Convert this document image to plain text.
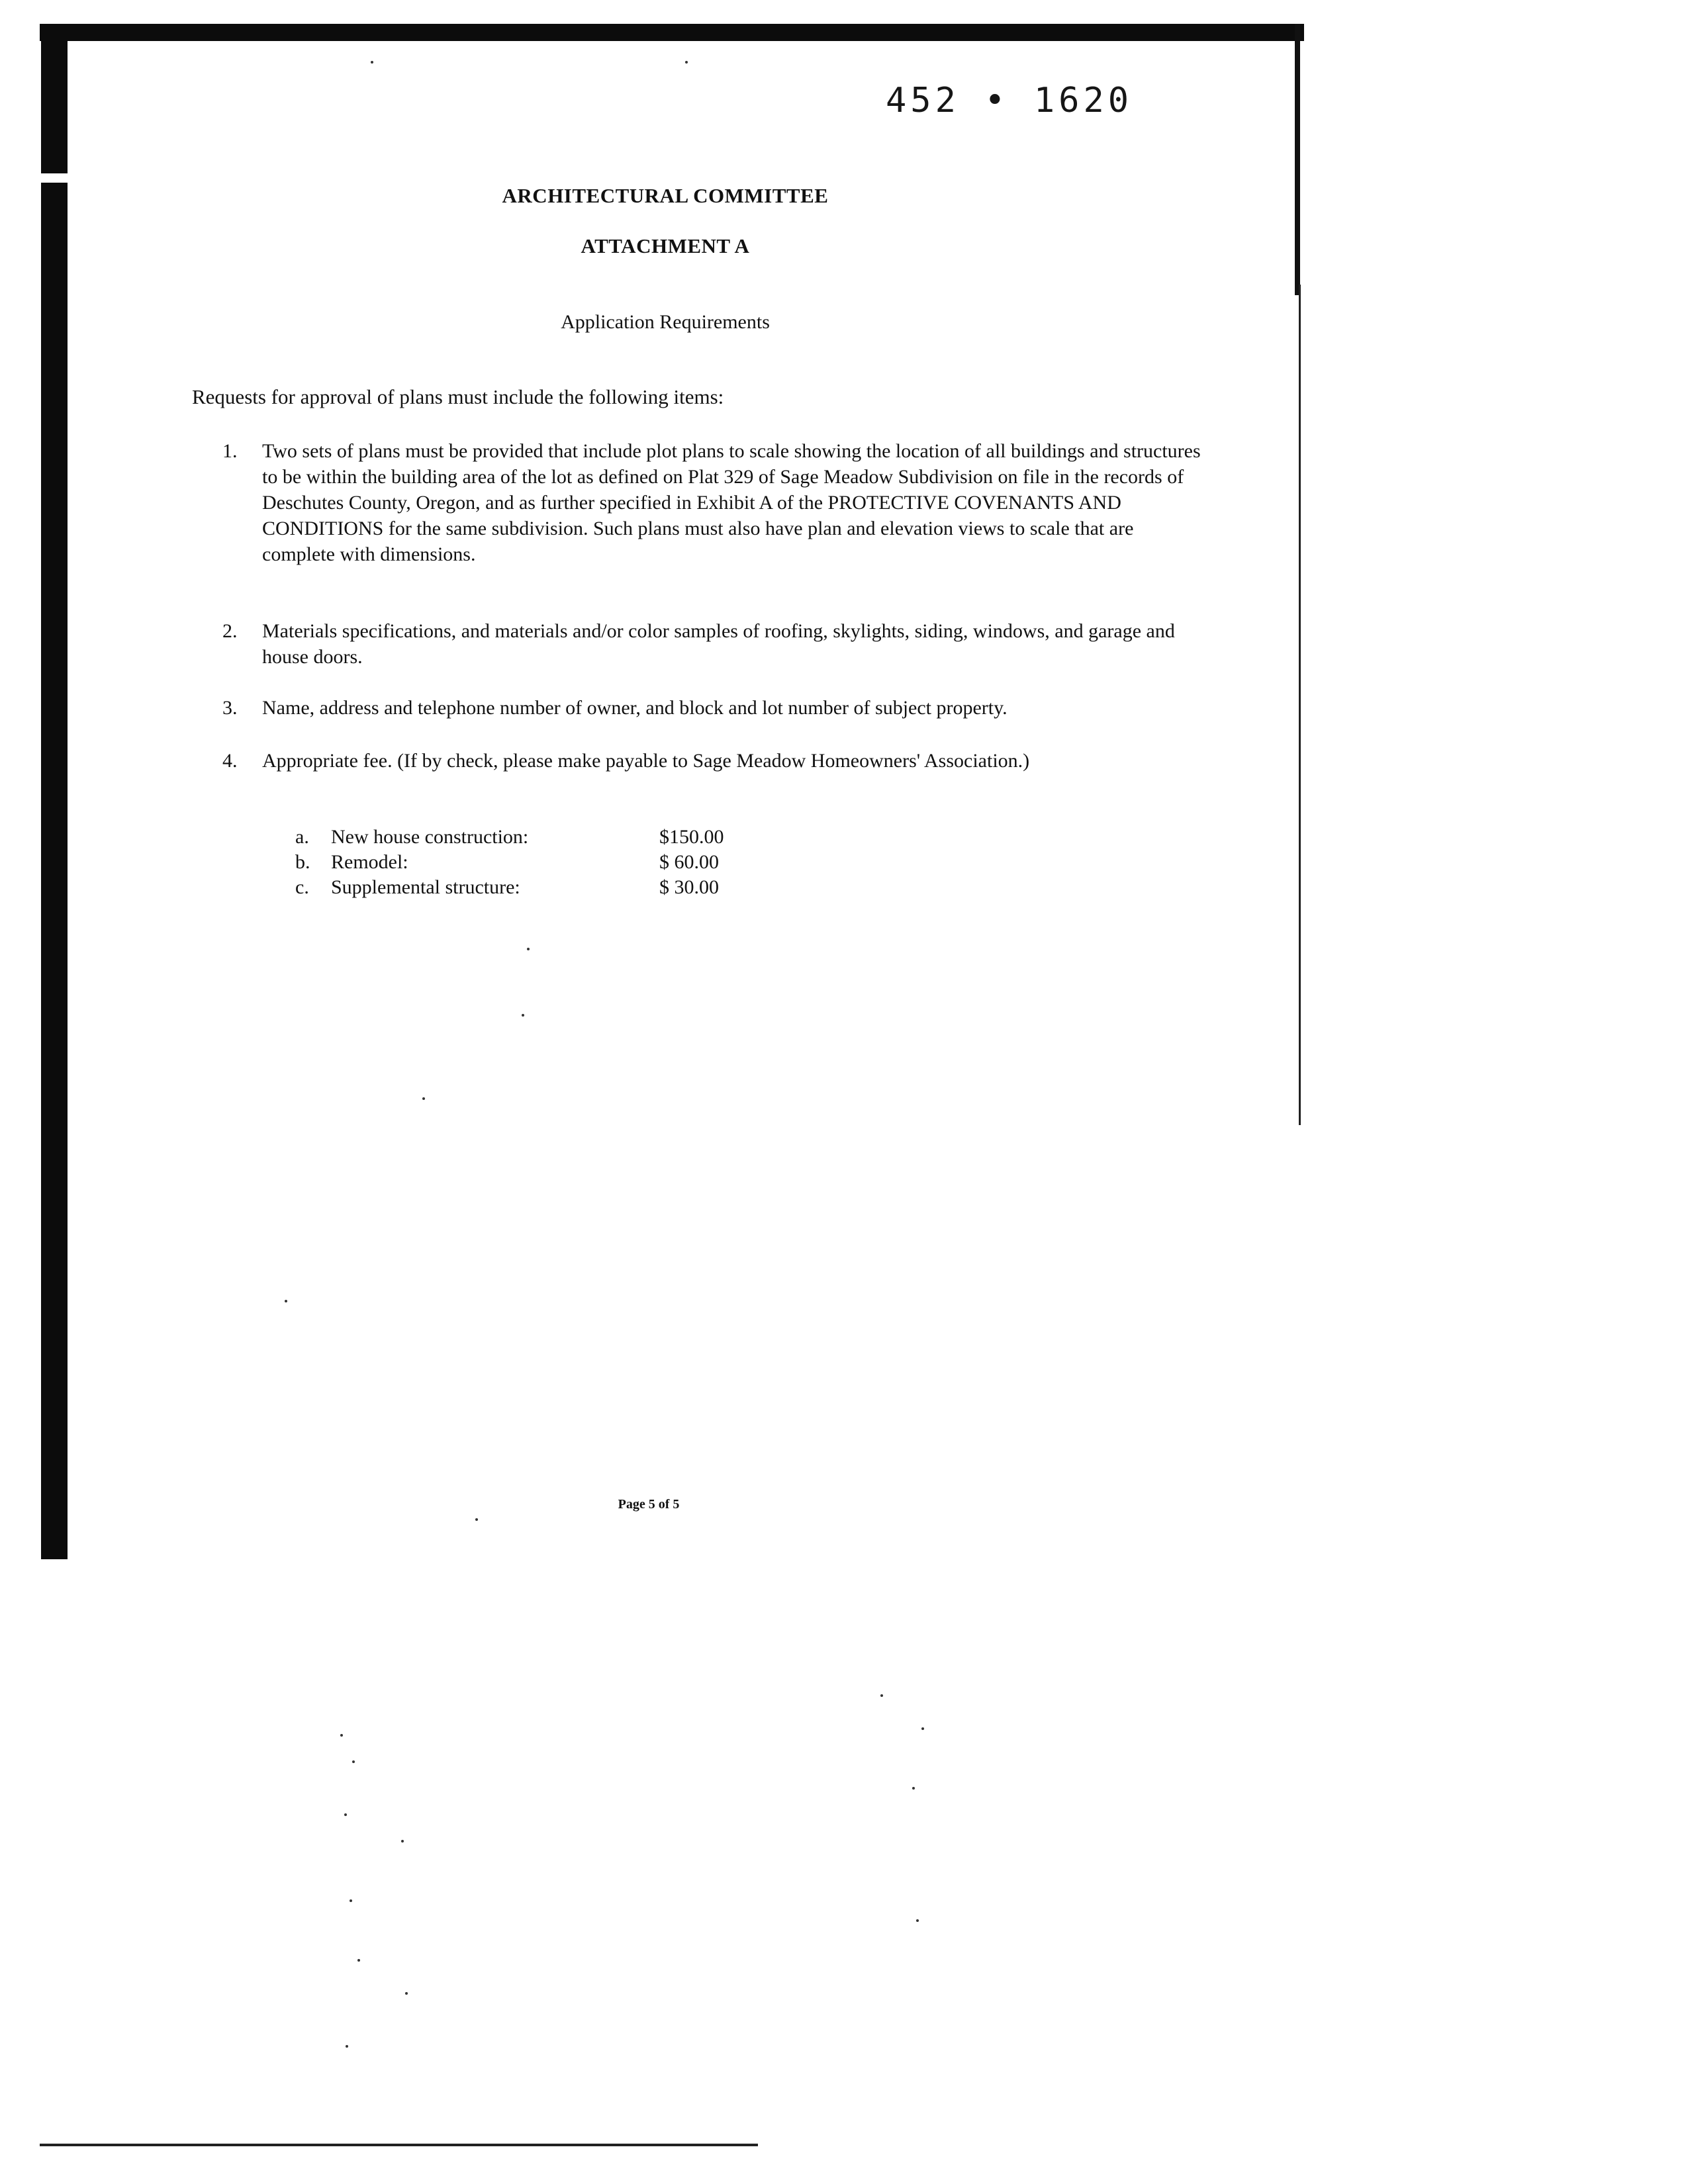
452 • 1620
ARCHITECTURAL COMMITTEE
ATTACHMENT A
Application Requirements
Requests for approval of plans must include the following items:
1. Two sets of plans must be provided that include plot plans to scale showing the location of all buildings and structures to be within the building area of the lot as defined on Plat 329 of Sage Meadow Subdivision on file in the records of Deschutes County, Oregon, and as further specified in Exhibit A of the PROTECTIVE COVENANTS AND CONDITIONS for the same subdivision. Such plans must also have plan and elevation views to scale that are complete with dimensions.
2. Materials specifications, and materials and/or color samples of roofing, skylights, siding, windows, and garage and house doors.
3. Name, address and telephone number of owner, and block and lot number of subject property.
4. Appropriate fee. (If by check, please make payable to Sage Meadow Homeowners' Association.)
a. New house construction:	$150.00
b. Remodel:	$ 60.00
c. Supplemental structure:	$ 30.00
Page 5 of 5
